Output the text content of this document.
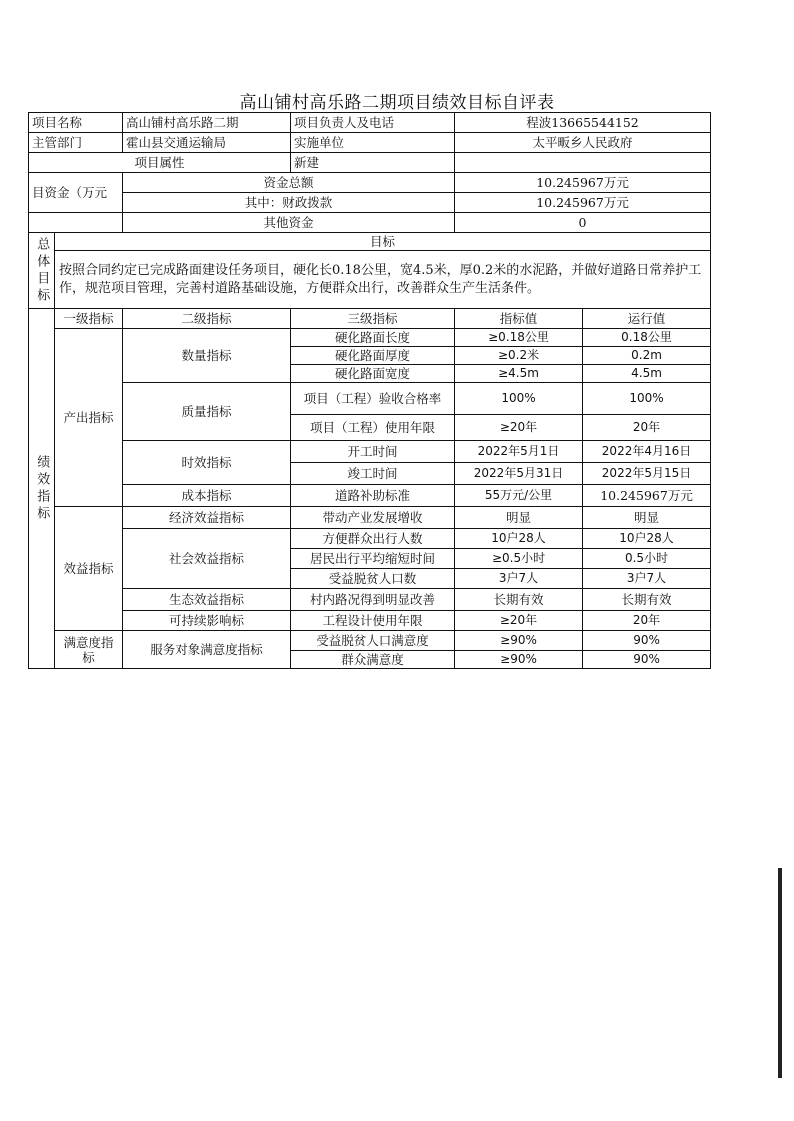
高山铺村高乐路二期项目绩效目标自评表
项目名称		高山铺村高乐路二期	项目负责人及电话	程波13665544152	
主管部门		霍山县交通运输局	实施单位	太平畈乡人民政府	
项目属性			新建		
目资金（万元		资金总额		10.245967万元	
		其中：财政拨款		10.245967万元	
		其他资金		0	
总体目标	目标				
	按照合同约定已完成路面建设任务项目，硬化长0.18公里，宽4.5米，厚0.2米的水泥路，并做好道路日常养护工作，规范项目管理，完善村道路基础设施，方便群众出行，改善群众生产生活条件。				
绩效指标	一级指标	二级指标	三级指标	指标值	运行值
	产出指标	数量指标	硬化路面长度	≥0.18公里	0.18公里
			硬化路面厚度	≥0.2米	0.2m
			硬化路面宽度	≥4.5m	4.5m
		质量指标	项目（工程）验收合格率	100%	100%
			项目（工程）使用年限	≥20年	20年
		时效指标	开工时间	2022年5月1日	2022年4月16日
			竣工时间	2022年5月31日	2022年5月15日
		成本指标	道路补助标准	55万元/公里	10.245967万元
	效益指标	经济效益指标	带动产业发展增收	明显	明显
		社会效益指标	方便群众出行人数	10户28人	10户28人
			居民出行平均缩短时间	≥0.5小时	0.5小时
			受益脱贫人口数	3户7人	3户7人
		生态效益指标	村内路况得到明显改善	长期有效	长期有效
		可持续影响标	工程设计使用年限	≥20年	20年
	满意度指标	服务对象满意度指标	受益脱贫人口满意度	≥90%	90%
			群众满意度	≥90%	90%
